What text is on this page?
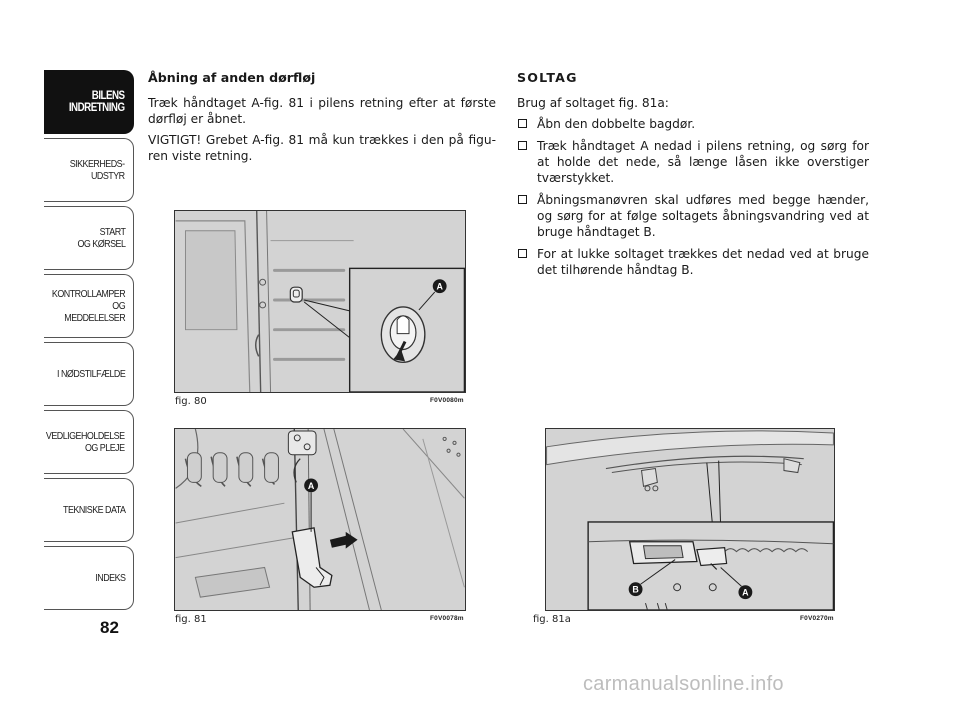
BILENS
INDRETNING
SIKKERHEDS-
UDSTYR
START
OG KØRSEL
KONTROLLAMPER
OG MEDDELELSER
I NØDSTILFÆLDE
VEDLIGEHOLDELSE
OG PLEJE
TEKNISKE DATA
INDEKS
82
Åbning af anden dørfløj

Træk håndtaget A-fig. 81 i pilens retning efter at første dørfløj er åbnet.

VIGTIGT! Grebet A-fig. 81 må kun trækkes i den på figuren viste retning.

SOLTAG

Brug af soltaget fig. 81a:

Åbn den dobbelte bagdør.
Træk håndtaget A nedad i pilens retning, og sørg for at holde det nede, så længe låsen ikke overstiger tværstykket.
Åbningsmanøvren skal udføres med begge hænder, og sørg for at følge soltagets åbningsvandring ved at bruge håndtaget B.
For at lukke soltaget trækkes det nedad ved at bruge det tilhørende håndtag B.
A
fig. 80	F0V0080m
A
fig. 81	F0V0078m
B	A
fig. 81a	F0V0270m
carmanualsonline.info
